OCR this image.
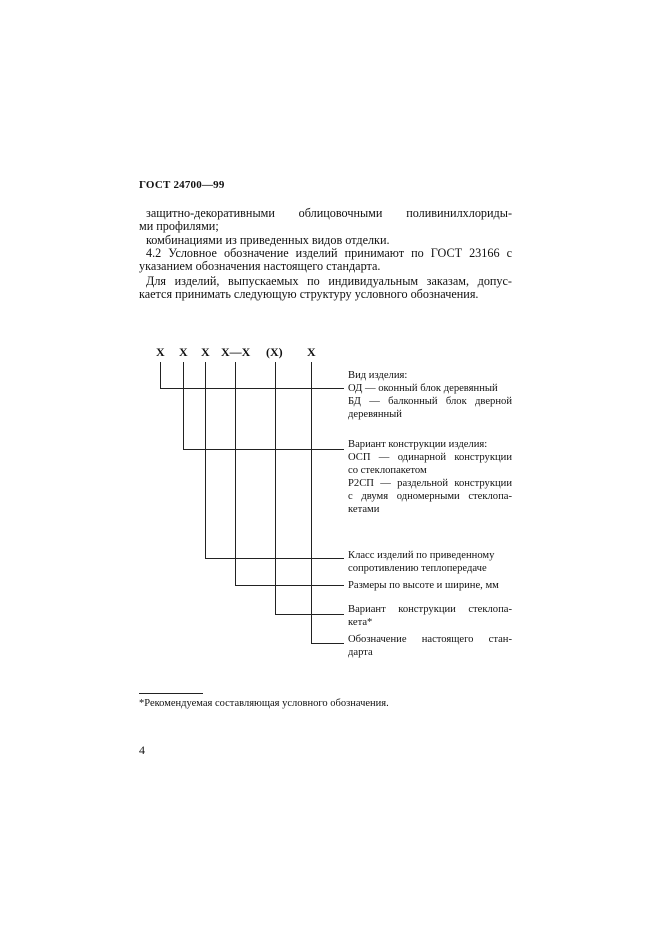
ГОСТ 24700—99
защитно-декоративными облицовочными поливинилхлориды-
ми профилями;
комбинациями из приведенных видов отделки.
4.2 Условное обозначение изделий принимают по ГОСТ 23166 с
указанием обозначения настоящего стандарта.
Для изделий, выпускаемых по индивидуальным заказам, допус-
кается принимать следующую структуру условного обозначения.
X X X X—X (X) X
Вид изделия:
ОД — оконный блок деревянный
БД — балконный блок дверной
деревянный
Вариант конструкции изделия:
ОСП — одинарной конструкции
со стеклопакетом
Р2СП — раздельной конструкции
с двумя одномерными стеклопа-
кетами
Класс изделий по приведенному
сопротивлению теплопередаче
Размеры по высоте и ширине, мм
Вариант конструкции стеклопа-
кета*
Обозначение настоящего стан-
дарта
*Рекомендуемая составляющая условного обозначения.
4
